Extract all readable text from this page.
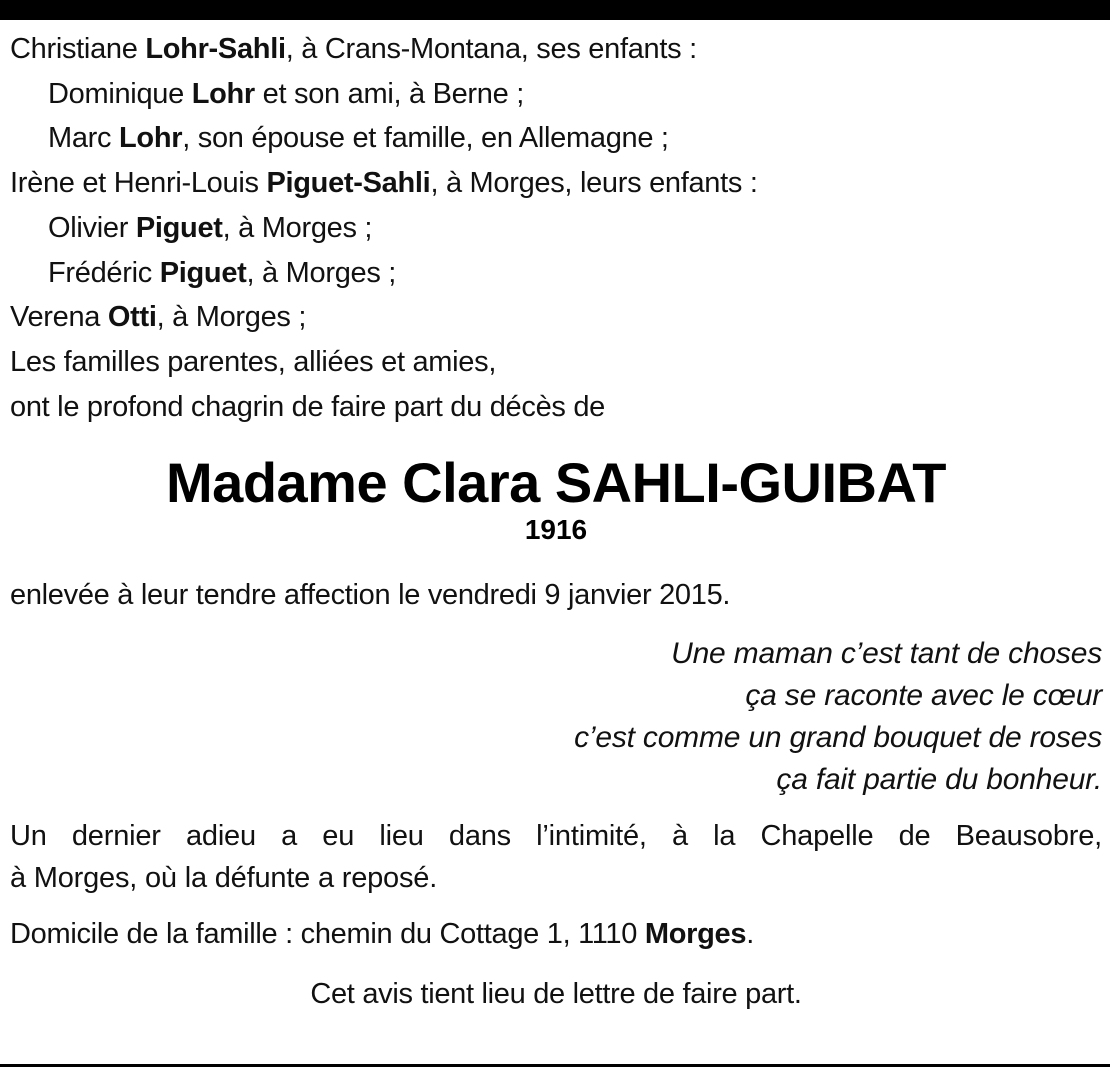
Christiane Lohr-Sahli, à Crans-Montana, ses enfants :
Dominique Lohr et son ami, à Berne ;
Marc Lohr, son épouse et famille, en Allemagne ;
Irène et Henri-Louis Piguet-Sahli, à Morges, leurs enfants :
Olivier Piguet, à Morges ;
Frédéric Piguet, à Morges ;
Verena Otti, à Morges ;
Les familles parentes, alliées et amies,
ont le profond chagrin de faire part du décès de
Madame Clara SAHLI-GUIBAT
1916
enlevée à leur tendre affection le vendredi 9 janvier 2015.
Une maman c’est tant de choses
ça se raconte avec le cœur
c’est comme un grand bouquet de roses
ça fait partie du bonheur.
Un dernier adieu a eu lieu dans l’intimité, à la Chapelle de Beausobre,
à Morges, où la défunte a reposé.
Domicile de la famille : chemin du Cottage 1, 1110 Morges.
Cet avis tient lieu de lettre de faire part.
